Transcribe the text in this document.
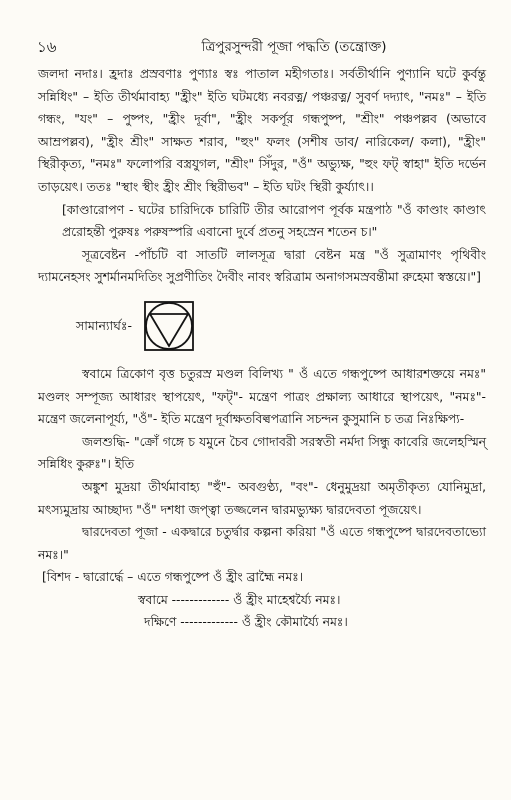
১৬	ত্রিপুরসুন্দরী পূজা পদ্ধতি (তন্ত্রোক্ত)

জলদা নদাঃ। হ্রদাঃ প্রস্রবণাঃ পুণ্যাঃ স্বঃ পাতাল মহীগতাঃ। সর্বতীর্থানি পুণ্যানি ঘটে কুর্বন্তু সন্নিধিং" – ইতি তীর্থমাবাহ্য "হ্রীং" ইতি ঘটমধ্যে নবরত্ন/ পঞ্চরত্ন/ সুবর্ণ দদ্যাৎ, "নমঃ" – ইতি গন্ধং, "যং" – পুষ্পং, "হ্রীং দূর্বা", "হ্রীং সকর্পূর গন্ধপুষ্প, "শ্রীং" পঞ্চপল্লব (অভাবে আম্রপল্লব), "হ্রীং শ্রীং" সাক্ষত শরাব, "হুং" ফলং (সশীষ ডাব/ নারিকেল/ কলা), "হ্রীং" স্থিরীকৃত্য, "নমঃ" ফলোপরি বস্ত্রযুগল, "শ্রীং" সিঁদুর, "ওঁ" অভ্যুক্ষ, "হুং ফট্ স্বাহা" ইতি দর্ভেন তাড়য়েৎ। ততঃ "স্থাং স্থীং হ্রীং শ্রীং স্থিরীভব" – ইতি ঘটং স্থিরী কুর্য্যাৎ।।

[কাণ্ডারোপণ - ঘটের চারিদিকে চারিটি তীর আরোপণ পূর্বক মন্ত্রপাঠ "ওঁ কাণ্ডাং কাণ্ডাৎ প্ররোহন্তী পুরুষঃ পরুষস্পরি এবানো দুর্বে প্রতনু সহস্রেন শতেন চ।"

সূত্রবেষ্টন -পাঁচটি বা সাতটি লালসূত্র দ্বারা বেষ্টন মন্ত্র "ওঁ সুত্রামাণং পৃথিবীং দ্যামনেহসং সুশর্মানমদিতিং সুপ্রণীতিং দৈবীং নাবং স্বরিত্রাম অনাগসমস্রবন্তীমা রুহেমা স্বস্তয়ে।"]

সামান্যার্ঘঃ-

স্ববামে ত্রিকোণ বৃত্ত চতুরস্র মণ্ডল বিলিখ্য " ওঁ এতে গন্ধপুষ্পে আধারশক্তয়ে নমঃ" মণ্ডলং সম্পূজ্য আধারং স্থাপয়েৎ, "ফট্"- মন্ত্রেণ পাত্রং প্রক্ষাল্য আধারে স্থাপয়েৎ, "নমঃ"- মন্ত্রেণ জলেনাপূর্য্য, "ওঁ"- ইতি মন্ত্রেণ দূর্বাক্ষতবিল্বপত্রানি সচন্দন কুসুমানি চ তত্র নিঃক্ষিপ্য-

জলশুদ্ধি- "ক্রোঁ গঙ্গে চ যমুনে চৈব গোদাবরী সরস্বতী নর্মদা সিন্ধু কাবেরি জলেহস্মিন্ সন্নিধিং কুরুঃ"। ইতি

অঙ্কুশ মুদ্রয়া তীর্থমাবাহ্য "হুঁ"- অবগুণ্ঠ্য, "বং"- ধেনুমুদ্রয়া অমৃতীকৃত্য যোনিমুদ্রা, মৎস্যমুদ্রায় আচ্ছাদ্য "ওঁ" দশধা জপ্ত্বা তজ্জলেন দ্বারমভ্যুক্ষ্য দ্বারদেবতা পূজয়েৎ।

দ্বারদেবতা পূজা - একদ্বারে চতুর্দ্বার কল্পনা করিয়া "ওঁ এতে গন্ধপুষ্পে দ্বারদেবতাভ্যো নমঃ।"

[বিশদ - দ্বারোর্দ্ধে – এতে গন্ধপুষ্পে ওঁ হ্রীং ব্রাহ্মৈ নমঃ।

স্ববামে ------------- ওঁ হ্রীং মাহেশ্বর্য্যৈ নমঃ।

দক্ষিণে ------------- ওঁ হ্রীং কৌমার্য্যৈ নমঃ।
